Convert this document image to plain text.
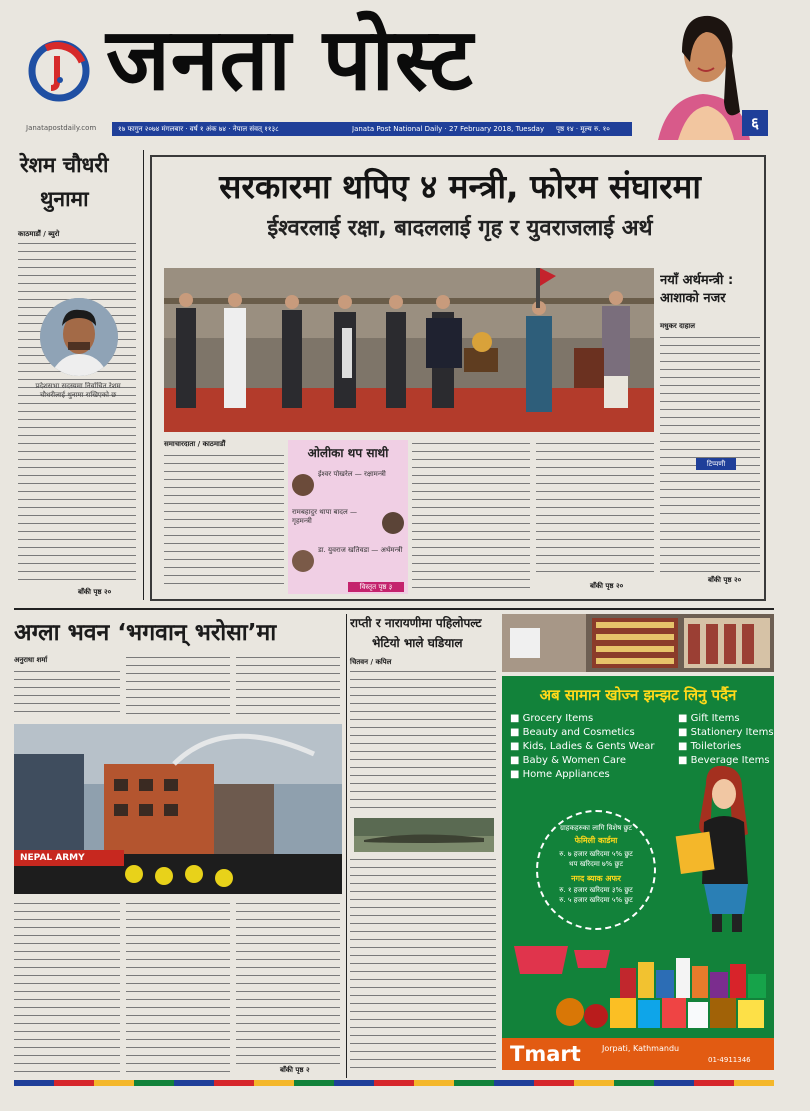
जनता पोस्ट
Janatapostdaily.com	१७ फागुन २०७४ मंगलबार · वर्ष १ अंक ७४ · नेपाल संवत् ११३८	Janata Post National Daily · 27 February 2018, Tuesday	पृष्ठ १४ · मूल्य रु. १०	६
रेशम चौधरी
थुनामा
काठमाडौं / ब्युरो
प्रदेशसभा सदस्यमा निर्वाचित रेशम चौधरीलाई थुनामा राखिएको छ
बाँकी पृष्ठ २०
सरकारमा थपिए ४ मन्त्री, फोरम संघारमा
ईश्वरलाई रक्षा, बादललाई गृह र युवराजलाई अर्थ
नयाँ अर्थमन्त्री : आशाको नजर
मधुकर दाहाल
टिप्पणी
बाँकी पृष्ठ २०
समाचारदाता / काठमाडौं
ओलीका थप साथी
ईश्वर पोखरेल — रक्षामन्त्री
रामबहादुर थापा बादल — गृहमन्त्री
डा. युवराज खतिवडा — अर्थमन्त्री
विस्तृत पृष्ठ ३	बाँकी पृष्ठ २०
अग्ला भवन ‘भगवान् भरोसा’मा
अनुराधा शर्मा
NEPAL ARMY
बाँकी पृष्ठ २
राप्ती र नारायणीमा पहिलोपल्ट
भेटियो भाले घडियाल
चितवन / कपिल
अब सामान खोज्न झन्झट लिनु पर्दैन
■ Grocery Items
■ Beauty and Cosmetics
■ Kids, Ladies & Gents Wear
■ Baby & Women Care
■ Home Appliances
■ Gift Items
■ Stationery Items
■ Toiletories
■ Beverage Items
ग्राहकहरुका लागि विशेष छुट
फेमिली कार्डमा
रु. ७ हजार खरिदमा ५% छुट
थप खरिदमा ७% छुट
नगद ब्याक अफर
रु. १ हजार खरिदमा ३% छुट
रु. ५ हजार खरिदमा ५% छुट
Tmart	Jorpati, Kathmandu
01-4911346
